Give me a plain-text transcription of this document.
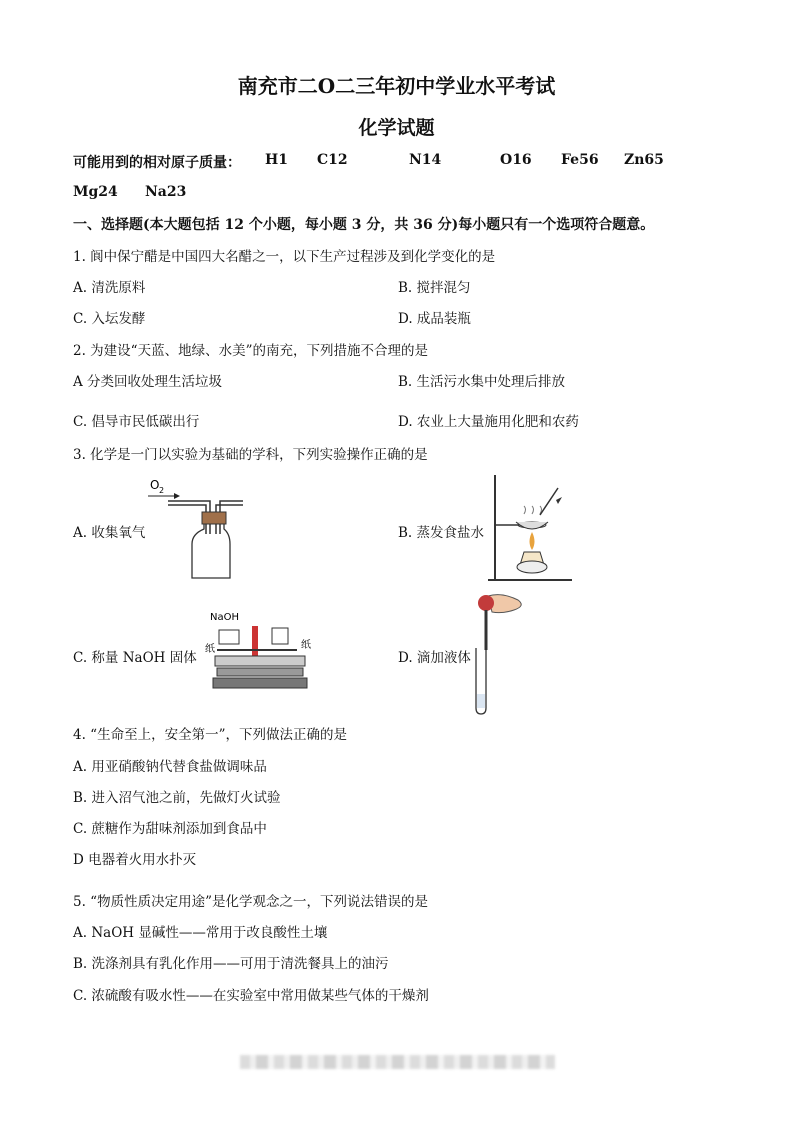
南充市二O二三年初中学业水平考试
化学试题
可能用到的相对原子质量： H1 C12	N14	O16 Fe56 Zn65
Mg24 Na23
一、选择题(本大题包括 12 个小题，每小题 3 分，共 36 分)每小题只有一个选项符合题意。
1. 阆中保宁醋是中国四大名醋之一，以下生产过程涉及到化学变化的是
A. 清洗原料	B. 搅拌混匀
C. 入坛发酵	D. 成品装瓶
2. 为建设“天蓝、地绿、水美”的南充，下列措施不合理的是
A 分类回收处理生活垃圾	B. 生活污水集中处理后排放
C. 倡导市民低碳出行	D. 农业上大量施用化肥和农药
3. 化学是一门以实验为基础的学科，下列实验操作正确的是
A. 收集氧气	B. 蒸发食盐水
C. 称量 NaOH 固体	D. 滴加液体
O 2
NaOH
纸	纸
4. “生命至上，安全第一”，下列做法正确的是
A. 用亚硝酸钠代替食盐做调味品
B. 进入沼气池之前，先做灯火试验
C. 蔗糖作为甜味剂添加到食品中
D 电器着火用水扑灭
5. “物质性质决定用途”是化学观念之一，下列说法错误的是
A. NaOH 显碱性——常用于改良酸性土壤
B. 洗涤剂具有乳化作用——可用于清洗餐具上的油污
C. 浓硫酸有吸水性——在实验室中常用做某些气体的干燥剂
